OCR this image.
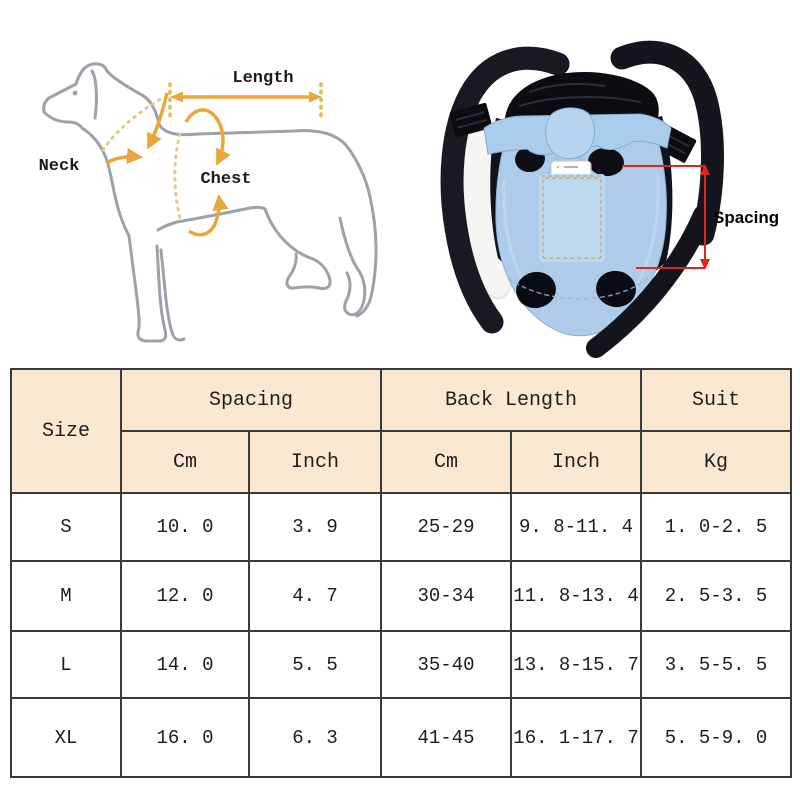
Length
Neck
Chest
Spacing
Size	Spacing		Back Length		Suit
	Cm	Inch	Cm	Inch	Kg
S	10. 0	3. 9	25-29	9. 8-11. 4	1. 0-2. 5
M	12. 0	4. 7	30-34	11. 8-13. 4	2. 5-3. 5
L	14. 0	5. 5	35-40	13. 8-15. 7	3. 5-5. 5
XL	16. 0	6. 3	41-45	16. 1-17. 7	5. 5-9. 0
